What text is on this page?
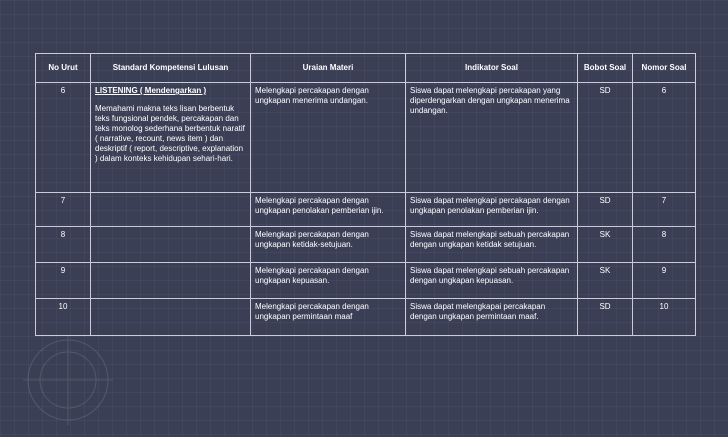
No Urut	Standard Kompetensi Lulusan	Uraian Materi	Indikator Soal	Bobot Soal	Nomor Soal
6	LISTENING ( Mendengarkan )
Memahami makna teks lisan berbentuk teks fungsional pendek, percakapan dan teks monolog sederhana berbentuk naratif ( narrative, recount, news item ) dan deskriptif ( report, descriptive, explanation ) dalam konteks kehidupan sehari-hari.	Melengkapi percakapan dengan ungkapan menerima undangan.	Siswa dapat melengkapi percakapan yang diperdengarkan dengan ungkapan menerima undangan.	SD	6
7		Melengkapi percakapan dengan ungkapan penolakan pemberian ijin.	Siswa dapat melengkapi percakapan dengan ungkapan penolakan pemberian ijin.	SD	7
8		Melengkapi percakapan dengan ungkapan ketidak-setujuan.	Siswa dapat melengkapi sebuah percakapan dengan ungkapan ketidak setujuan.	SK	8
9		Melengkapi percakapan dengan ungkapan kepuasan.	Siswa dapat melengkapi sebuah percakapan dengan ungkapan kepuasan.	SK	9
10		Melengkapi percakapan dengan ungkapan permintaan maaf	Siswa dapat melengkapai percakapan dengan ungkapan permintaan maaf.	SD	10
